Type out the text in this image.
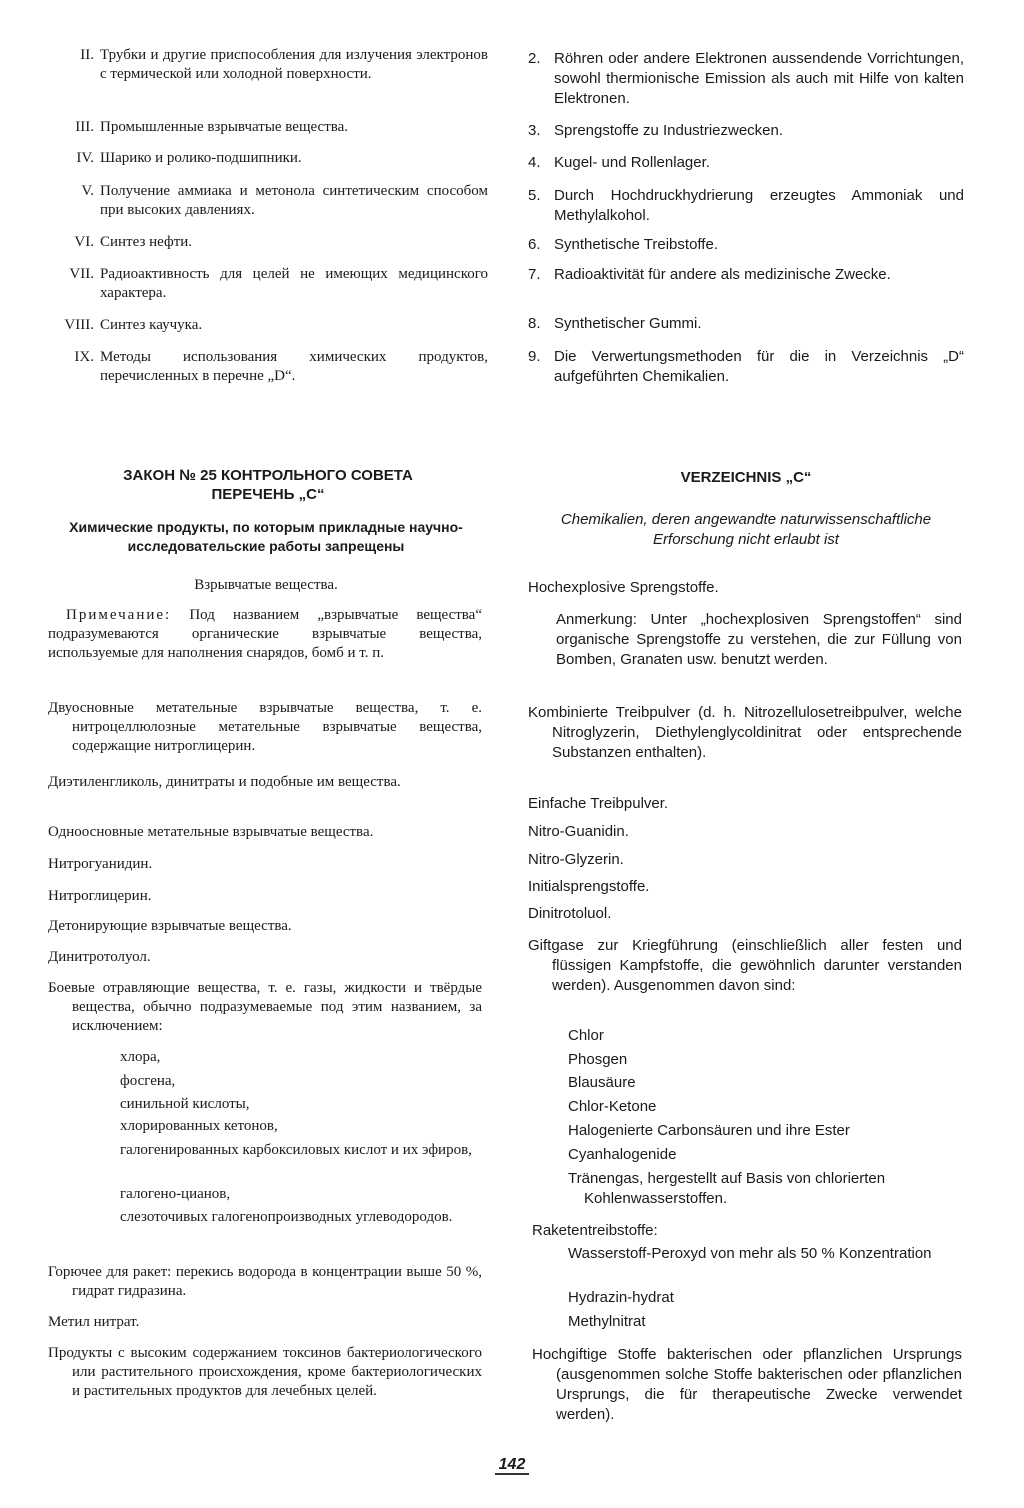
II. Трубки и другие приспособления для излучения электронов с термической или холодной поверхности.
III. Промышленные взрывчатые вещества.
IV. Шарико и ролико-подшипники.
V. Получение аммиака и метонола синтетическим способом при высоких давлениях.
VI. Синтез нефти.
VII. Радиоактивность для целей не имеющих медицинского характера.
VIII. Синтез каучука.
IX. Методы использования химических продуктов, перечисленных в перечне „D“.
ЗАКОН № 25 КОНТРОЛЬНОГО СОВЕТА ПЕРЕЧЕНЬ „C“
Химические продукты, по которым прикладные научно-исследовательские работы запрещены
Взрывчатые вещества.
Примечание: Под названием „взрывчатые вещества“ подразумеваются органические взрывчатые вещества, используемые для наполнения снарядов, бомб и т. п.
Двуосновные метательные взрывчатые вещества, т. е. нитроцеллюлозные метательные взрывчатые вещества, содержащие нитроглицерин.
Диэтиленгликоль, динитраты и подобные им вещества.
Одноосновные метательные взрывчатые вещества.
Нитрогуанидин.
Нитроглицерин.
Детонирующие взрывчатые вещества.
Динитротолуол.
Боевые отравляющие вещества, т. е. газы, жидкости и твёрдые вещества, обычно подразумеваемые под этим названием, за исключением:
хлора,
фосгена,
синильной кислоты,
хлорированных кетонов,
галогенированных карбоксиловых кислот и их эфиров,
галогено-цианов,
слезоточивых галогенопроизводных углеводородов.
Горючее для ракет: перекись водорода в концентрации выше 50 %, гидрат гидразина.
Метил нитрат.
Продукты с высоким содержанием токсинов бактериологического или растительного происхождения, кроме бактериологических и растительных продуктов для лечебных целей.
2. Röhren oder andere Elektronen aussendende Vorrichtungen, sowohl thermionische Emission als auch mit Hilfe von kalten Elektronen.
3. Sprengstoffe zu Industriezwecken.
4. Kugel- und Rollenlager.
5. Durch Hochdruckhydrierung erzeugtes Ammoniak und Methylalkohol.
6. Synthetische Treibstoffe.
7. Radioaktivität für andere als medizinische Zwecke.
8. Synthetischer Gummi.
9. Die Verwertungsmethoden für die in Verzeichnis „D“ aufgeführten Chemikalien.
VERZEICHNIS „C“
Chemikalien, deren angewandte naturwissenschaftliche Erforschung nicht erlaubt ist
Hochexplosive Sprengstoffe.
Anmerkung: Unter „hochexplosiven Sprengstoffen“ sind organische Sprengstoffe zu verstehen, die zur Füllung von Bomben, Granaten usw. benutzt werden.
Kombinierte Treibpulver (d. h. Nitrozellulosetreibpulver, welche Nitroglyzerin, Diethylenglycoldinitrat oder entsprechende Substanzen enthalten).
Einfache Treibpulver.
Nitro-Guanidin.
Nitro-Glyzerin.
Initialsprengstoffe.
Dinitrotoluol.
Giftgase zur Kriegführung (einschließlich aller festen und flüssigen Kampfstoffe, die gewöhnlich darunter verstanden werden). Ausgenommen davon sind:
Chlor
Phosgen
Blausäure
Chlor-Ketone
Halogenierte Carbonsäuren und ihre Ester
Cyanhalogenide
Tränengas, hergestellt auf Basis von chlorierten Kohlenwasserstoffen.
Raketentreibstoffe:
Wasserstoff-Peroxyd von mehr als 50 % Konzentration
Hydrazin-hydrat
Methylnitrat
Hochgiftige Stoffe bakterischen oder pflanzlichen Ursprungs (ausgenommen solche Stoffe bakterischen oder pflanzlichen Ursprungs, die für therapeutische Zwecke verwendet werden).
142
